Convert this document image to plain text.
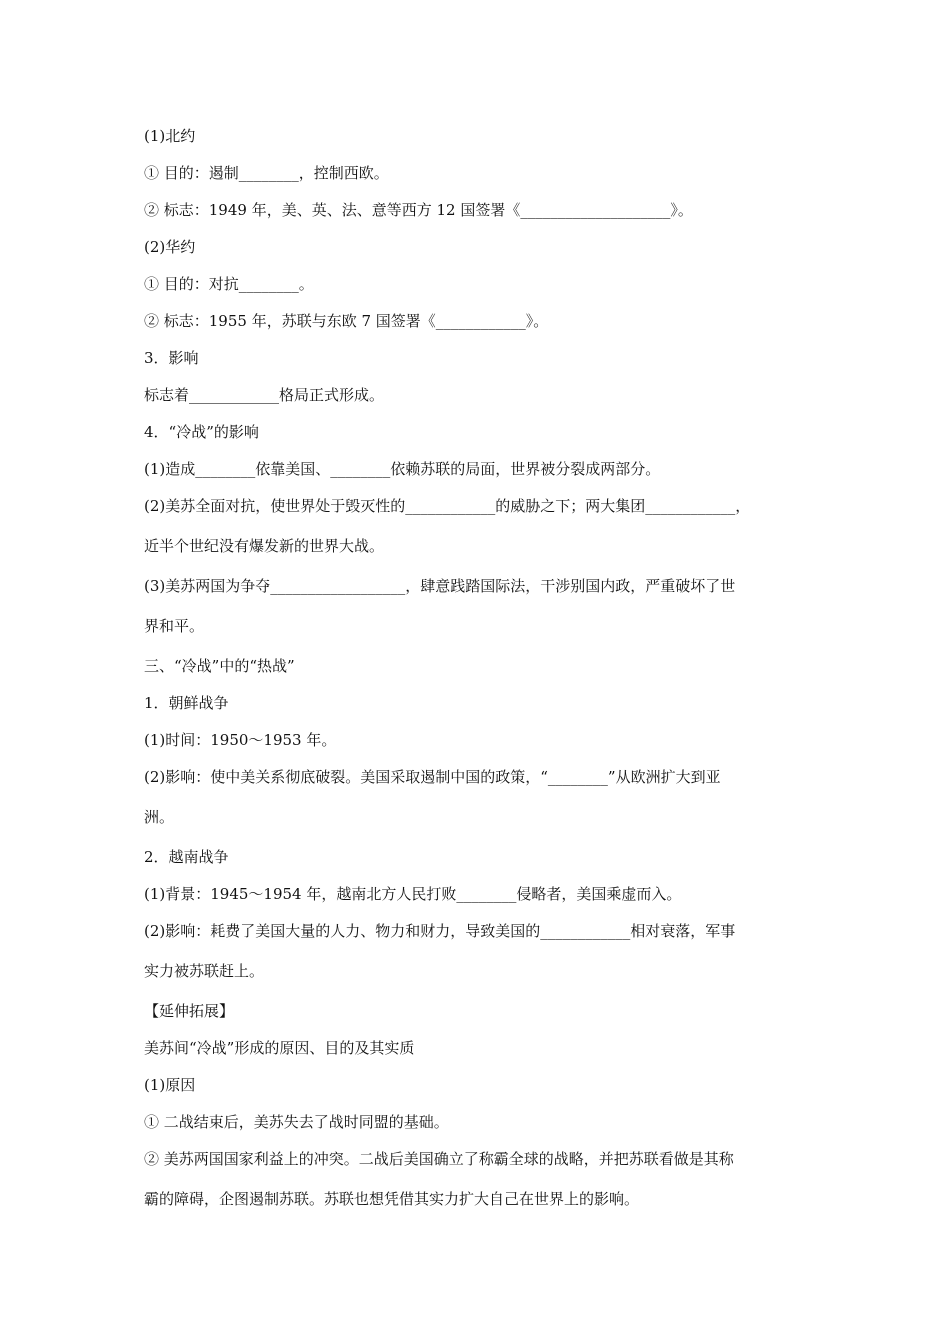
(1)北约
① 目的：遏制________，控制西欧。
② 标志：1949 年，美、英、法、意等西方 12 国签署《____________________》。
(2)华约
① 目的：对抗________。
② 标志：1955 年，苏联与东欧 7 国签署《____________》。
3．影响
标志着____________格局正式形成。
4．“冷战”的影响
(1)造成________依靠美国、________依赖苏联的局面，世界被分裂成两部分。
(2)美苏全面对抗，使世界处于毁灭性的____________的威胁之下；两大集团____________，
近半个世纪没有爆发新的世界大战。
(3)美苏两国为争夺__________________，肆意践踏国际法，干涉别国内政，严重破坏了世
界和平。
三、“冷战”中的“热战”
1．朝鲜战争
(1)时间：1950～1953 年。
(2)影响：使中美关系彻底破裂。美国采取遏制中国的政策，“________”从欧洲扩大到亚
洲。
2．越南战争
(1)背景：1945～1954 年，越南北方人民打败________侵略者，美国乘虚而入。
(2)影响：耗费了美国大量的人力、物力和财力，导致美国的____________相对衰落，军事
实力被苏联赶上。
【延伸拓展】
美苏间“冷战”形成的原因、目的及其实质
(1)原因
① 二战结束后，美苏失去了战时同盟的基础。
② 美苏两国国家利益上的冲突。二战后美国确立了称霸全球的战略，并把苏联看做是其称
霸的障碍，企图遏制苏联。苏联也想凭借其实力扩大自己在世界上的影响。
